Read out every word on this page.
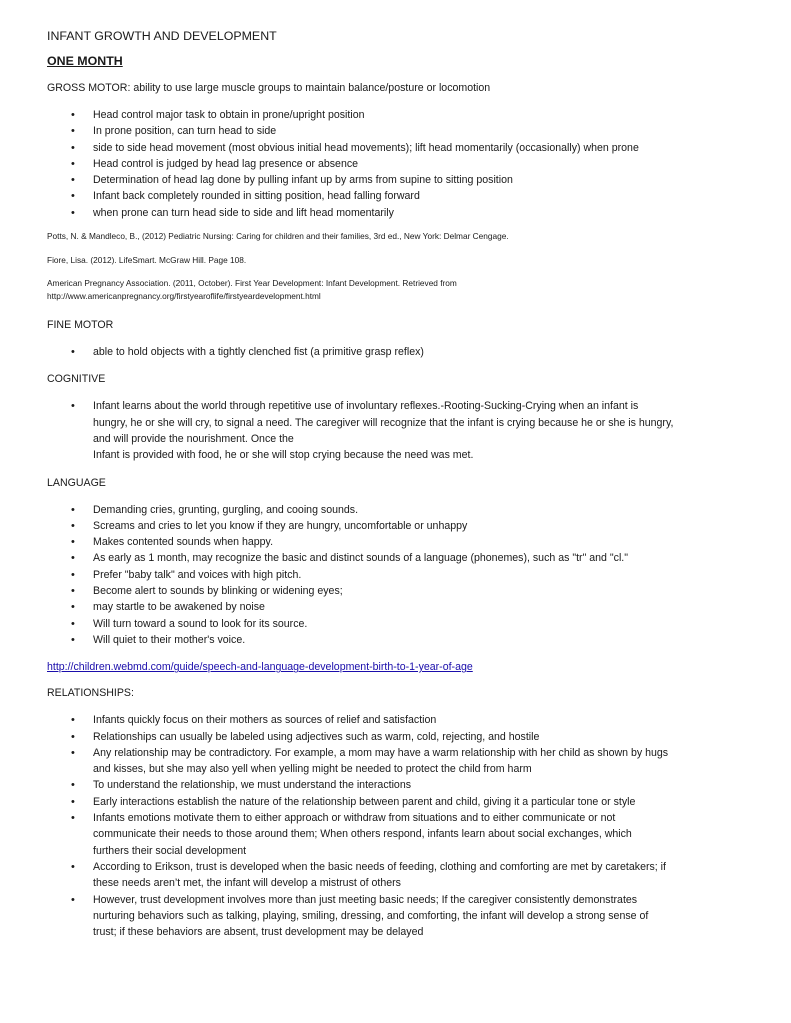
INFANT GROWTH AND DEVELOPMENT
ONE MONTH
GROSS MOTOR: ability to use large muscle groups to maintain balance/posture or locomotion
• Head control major task to obtain in prone/upright position
• In prone position, can turn head to side
• side to side head movement (most obvious initial head movements); lift head momentarily (occasionally) when prone
• Head control is judged by head lag presence or absence
• Determination of head lag done by pulling infant up by arms from supine to sitting position
• Infant back completely rounded in sitting position, head falling forward
• when prone can turn head side to side and lift head momentarily
Potts, N. & Mandleco, B., (2012) Pediatric Nursing: Caring for children and their families, 3rd ed., New York: Delmar Cengage.
Fiore, Lisa. (2012). LifeSmart. McGraw Hill. Page 108.
American Pregnancy Association. (2011, October). First Year Development: Infant Development. Retrieved from
http://www.americanpregnancy.org/firstyearoflife/firstyeardevelopment.html
FINE MOTOR
• able to hold objects with a tightly clenched fist (a primitive grasp reflex)
COGNITIVE
• Infant learns about the world through repetitive use of involuntary reflexes.-Rooting-Sucking-Crying when an infant is
hungry, he or she will cry, to signal a need. The caregiver will recognize that the infant is crying because he or she is hungry,
and will provide the nourishment. Once the
Infant is provided with food, he or she will stop crying because the need was met.
LANGUAGE
• Demanding cries, grunting, gurgling, and cooing sounds.
• Screams and cries to let you know if they are hungry, uncomfortable or unhappy
• Makes contented sounds when happy.
• As early as 1 month, may recognize the basic and distinct sounds of a language (phonemes), such as "tr" and "cl."
• Prefer "baby talk" and voices with high pitch.
• Become alert to sounds by blinking or widening eyes;
• may startle to be awakened by noise
• Will turn toward a sound to look for its source.
• Will quiet to their mother's voice.
http://children.webmd.com/guide/speech-and-language-development-birth-to-1-year-of-age
RELATIONSHIPS:
• Infants quickly focus on their mothers as sources of relief and satisfaction
• Relationships can usually be labeled using adjectives such as warm, cold, rejecting, and hostile
• Any relationship may be contradictory. For example, a mom may have a warm relationship with her child as shown by hugs
and kisses, but she may also yell when yelling might be needed to protect the child from harm
• To understand the relationship, we must understand the interactions
• Early interactions establish the nature of the relationship between parent and child, giving it a particular tone or style
• Infants emotions motivate them to either approach or withdraw from situations and to either communicate or not
communicate their needs to those around them; When others respond, infants learn about social exchanges, which
furthers their social development
• According to Erikson, trust is developed when the basic needs of feeding, clothing and comforting are met by caretakers; if
these needs aren’t met, the infant will develop a mistrust of others
• However, trust development involves more than just meeting basic needs; If the caregiver consistently demonstrates
nurturing behaviors such as talking, playing, smiling, dressing, and comforting, the infant will develop a strong sense of
trust; if these behaviors are absent, trust development may be delayed
